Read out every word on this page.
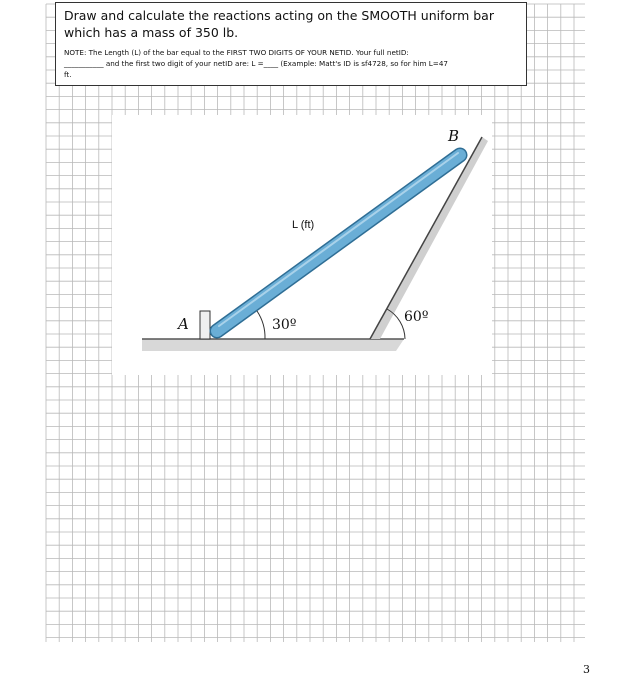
Draw and calculate the reactions acting on the SMOOTH uniform bar which has a mass of 350 lb.
NOTE: The Length (L) of the bar equal to the FIRST TWO DIGITS OF YOUR NETID. Your full netID:
___________ and the first two digit of your netID are: L =____ (Example: Matt's ID is sf4728, so for him L=47
ft.
A
B
L (ft)
30º	60º
3
